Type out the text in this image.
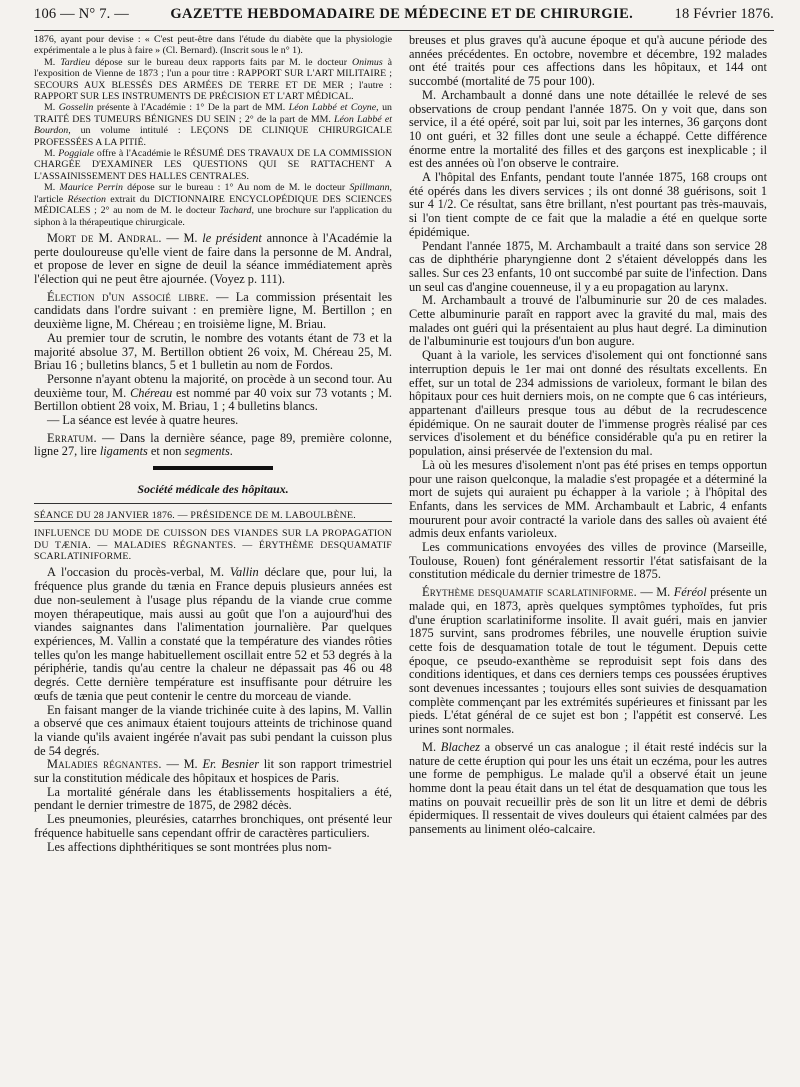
106 — N° 7. —	GAZETTE HEBDOMADAIRE DE MÉDECINE ET DE CHIRURGIE.	18 Février 1876.

1876, ayant pour devise : « C'est peut-être dans l'étude du diabète que la physiologie expérimentale a le plus à faire » (Cl. Bernard). (Inscrit sous le n° 1).

M. Tardieu dépose sur le bureau deux rapports faits par M. le docteur Onimus à l'exposition de Vienne de 1873 ; l'un a pour titre : RAPPORT SUR L'ART MILITAIRE ; SECOURS AUX BLESSÉS DES ARMÉES DE TERRE ET DE MER ; l'autre : RAPPORT SUR LES INSTRUMENTS DE PRÉCISION ET L'ART MÉDICAL.

M. Gosselin présente à l'Académie : 1° De la part de MM. Léon Labbé et Coyne, un TRAITÉ DES TUMEURS BÉNIGNES DU SEIN ; 2° de la part de MM. Léon Labbé et Bourdon, un volume intitulé : LEÇONS DE CLINIQUE CHIRURGICALE PROFESSÉES A LA PITIÉ.

M. Poggiale offre à l'Académie le RÉSUMÉ DES TRAVAUX DE LA COMMISSION CHARGÉE D'EXAMINER LES QUESTIONS QUI SE RATTACHENT A L'ASSAINISSEMENT DES HALLES CENTRALES.

M. Maurice Perrin dépose sur le bureau : 1° Au nom de M. le docteur Spillmann, l'article Résection extrait du DICTIONNAIRE ENCYCLOPÉDIQUE DES SCIENCES MÉDICALES ; 2° au nom de M. le docteur Tachard, une brochure sur l'application du siphon à la thérapeutique chirurgicale.

Mort de M. Andral. — M. le président annonce à l'Académie la perte douloureuse qu'elle vient de faire dans la personne de M. Andral, et propose de lever en signe de deuil la séance immédiatement après l'élection qui ne peut être ajournée. (Voyez p. 111).

Élection d'un associé libre. — La commission présentait les candidats dans l'ordre suivant : en première ligne, M. Bertillon ; en deuxième ligne, M. Chéreau ; en troisième ligne, M. Briau.

Au premier tour de scrutin, le nombre des votants étant de 73 et la majorité absolue 37, M. Bertillon obtient 26 voix, M. Chéreau 25, M. Briau 16 ; bulletins blancs, 5 et 1 bulletin au nom de Fordos.

Personne n'ayant obtenu la majorité, on procède à un second tour. Au deuxième tour, M. Chéreau est nommé par 40 voix sur 73 votants ; M. Bertillon obtient 28 voix, M. Briau, 1 ; 4 bulletins blancs.

— La séance est levée à quatre heures.

Erratum. — Dans la dernière séance, page 89, première colonne, ligne 27, lire ligaments et non segments.

Société médicale des hôpitaux.

SÉANCE DU 28 JANVIER 1876. — PRÉSIDENCE DE M. LABOULBÈNE.

INFLUENCE DU MODE DE CUISSON DES VIANDES SUR LA PROPAGATION DU TÆNIA. — MALADIES RÉGNANTES. — ÉRYTHÈME DESQUAMATIF SCARLATINIFORME.

A l'occasion du procès-verbal, M. Vallin déclare que, pour lui, la fréquence plus grande du tænia en France depuis plusieurs années est due non-seulement à l'usage plus répandu de la viande crue comme moyen thérapeutique, mais aussi au goût que l'on a aujourd'hui des viandes saignantes dans l'alimentation journalière. Par quelques expériences, M. Vallin a constaté que la température des viandes rôties telles qu'on les mange habituellement oscillait entre 52 et 53 degrés à la périphérie, tandis qu'au centre la chaleur ne dépassait pas 46 ou 48 degrés. Cette dernière température est insuffisante pour détruire les œufs de tænia que peut contenir le centre du morceau de viande.

En faisant manger de la viande trichinée cuite à des lapins, M. Vallin a observé que ces animaux étaient toujours atteints de trichinose quand la viande qu'ils avaient ingérée n'avait pas subi pendant la cuisson plus de 54 degrés.

Maladies régnantes. — M. Er. Besnier lit son rapport trimestriel sur la constitution médicale des hôpitaux et hospices de Paris.

La mortalité générale dans les établissements hospitaliers a été, pendant le dernier trimestre de 1875, de 2982 décès.

Les pneumonies, pleurésies, catarrhes bronchiques, ont présenté leur fréquence habituelle sans cependant offrir de caractères particuliers.

Les affections diphthéritiques se sont montrées plus nom-

breuses et plus graves qu'à aucune époque et qu'à aucune période des années précédentes. En octobre, novembre et décembre, 192 malades ont été traités pour ces affections dans les hôpitaux, et 144 ont succombé (mortalité de 75 pour 100).

M. Archambault a donné dans une note détaillée le relevé de ses observations de croup pendant l'année 1875. On y voit que, dans son service, il a été opéré, soit par lui, soit par les internes, 36 garçons dont 10 ont guéri, et 32 filles dont une seule a échappé. Cette différence énorme entre la mortalité des filles et des garçons est inexplicable ; il est des années où l'on observe le contraire.

A l'hôpital des Enfants, pendant toute l'année 1875, 168 croups ont été opérés dans les divers services ; ils ont donné 38 guérisons, soit 1 sur 4 1/2. Ce résultat, sans être brillant, n'est pourtant pas très-mauvais, si l'on tient compte de ce fait que la maladie a été en quelque sorte épidémique.

Pendant l'année 1875, M. Archambault a traité dans son service 28 cas de diphthérie pharyngienne dont 2 s'étaient développés dans les salles. Sur ces 23 enfants, 10 ont succombé par suite de l'infection. Dans un seul cas d'angine couenneuse, il y a eu propagation au larynx.

M. Archambault a trouvé de l'albuminurie sur 20 de ces malades. Cette albuminurie paraît en rapport avec la gravité du mal, mais des malades ont guéri qui la présentaient au plus haut degré. La diminution de l'albuminurie est toujours d'un bon augure.

Quant à la variole, les services d'isolement qui ont fonctionné sans interruption depuis le 1er mai ont donné des résultats excellents. En effet, sur un total de 234 admissions de varioleux, formant le bilan des hôpitaux pour ces huit derniers mois, on ne compte que 6 cas intérieurs, appartenant d'ailleurs presque tous au début de la recrudescence épidémique. On ne saurait douter de l'immense progrès réalisé par ces services d'isolement et du bénéfice considérable qu'a pu en retirer la population, ainsi préservée de l'extension du mal.

Là où les mesures d'isolement n'ont pas été prises en temps opportun pour une raison quelconque, la maladie s'est propagée et a déterminé la mort de sujets qui auraient pu échapper à la variole ; à l'hôpital des Enfants, dans les services de MM. Archambault et Labric, 4 enfants moururent pour avoir contracté la variole dans des salles où avaient été admis deux enfants varioleux.

Les communications envoyées des villes de province (Marseille, Toulouse, Rouen) font généralement ressortir l'état satisfaisant de la constitution médicale du dernier trimestre de 1875.

Érythème desquamatif scarlatiniforme. — M. Féréol présente un malade qui, en 1873, après quelques symptômes typhoïdes, fut pris d'une éruption scarlatiniforme insolite. Il avait guéri, mais en janvier 1875 survint, sans prodromes fébriles, une nouvelle éruption suivie cette fois de desquamation totale de tout le tégument. Depuis cette époque, ce pseudo-exanthème se reproduisit sept fois dans des conditions identiques, et dans ces derniers temps ces poussées éruptives sont devenues incessantes ; toujours elles sont suivies de desquamation complète commençant par les extrémités supérieures et finissant par les pieds. L'état général de ce sujet est bon ; l'appétit est conservé. Les urines sont normales.

M. Blachez a observé un cas analogue ; il était resté indécis sur la nature de cette éruption qui pour les uns était un eczéma, pour les autres une forme de pemphigus. Le malade qu'il a observé était un jeune homme dont la peau était dans un tel état de desquamation que tous les matins on pouvait recueillir près de son lit un litre et demi de débris épidermiques. Il ressentait de vives douleurs qui étaient calmées par des pansements au liniment oléo-calcaire.
